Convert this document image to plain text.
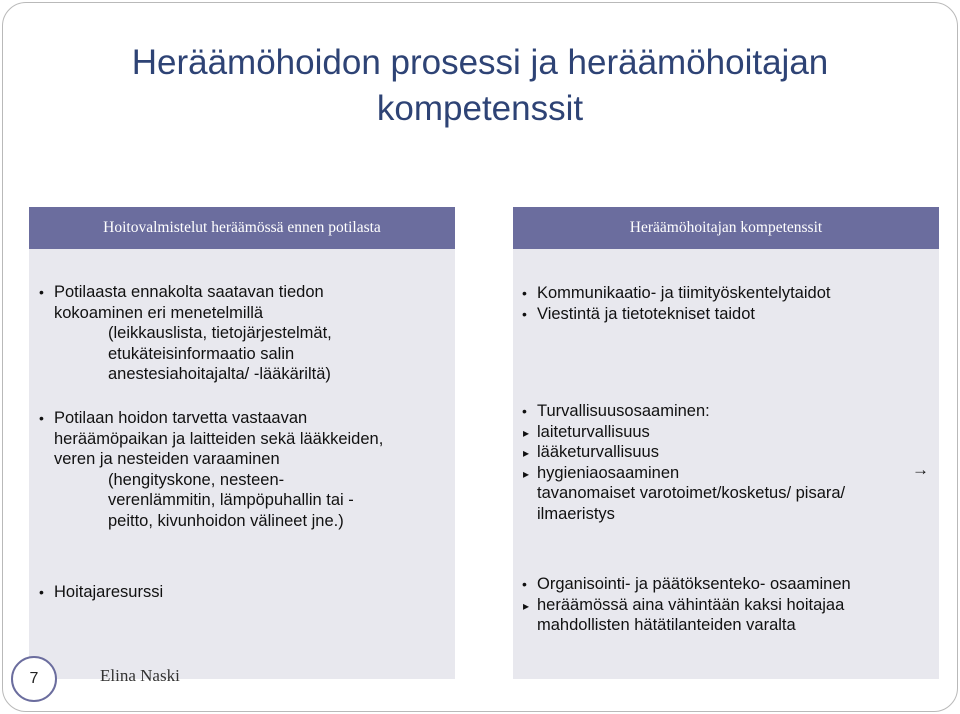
Heräämöhoidon prosessi ja heräämöhoitajan
kompetenssit
Hoitovalmistelut heräämössä ennen potilasta
• Potilaasta ennakolta saatavan tiedon
kokoaminen eri menetelmillä
(leikkauslista, tietojärjestelmät,
etukäteisinformaatio salin
anestesiahoitajalta/ -lääkäriltä)
• Potilaan hoidon tarvetta vastaavan
heräämöpaikan ja laitteiden sekä lääkkeiden,
veren ja nesteiden varaaminen
(hengityskone, nesteen-
verenlämmitin, lämpöpuhallin tai -
peitto, kivunhoidon välineet jne.)
• Hoitajaresurssi
Heräämöhoitajan kompetenssit
• Kommunikaatio- ja tiimityöskentelytaidot
• Viestintä ja tietotekniset taidot
• Turvallisuusosaaminen:
▸ laiteturvallisuus
▸ lääketurvallisuus
▸ hygieniaosaaminen
tavanomaiset varotoimet/kosketus/ pisara/
ilmaeristys
→
• Organisointi- ja päätöksenteko- osaaminen
▸ heräämössä aina vähintään kaksi hoitajaa
mahdollisten hätätilanteiden varalta
7	Elina Naski
